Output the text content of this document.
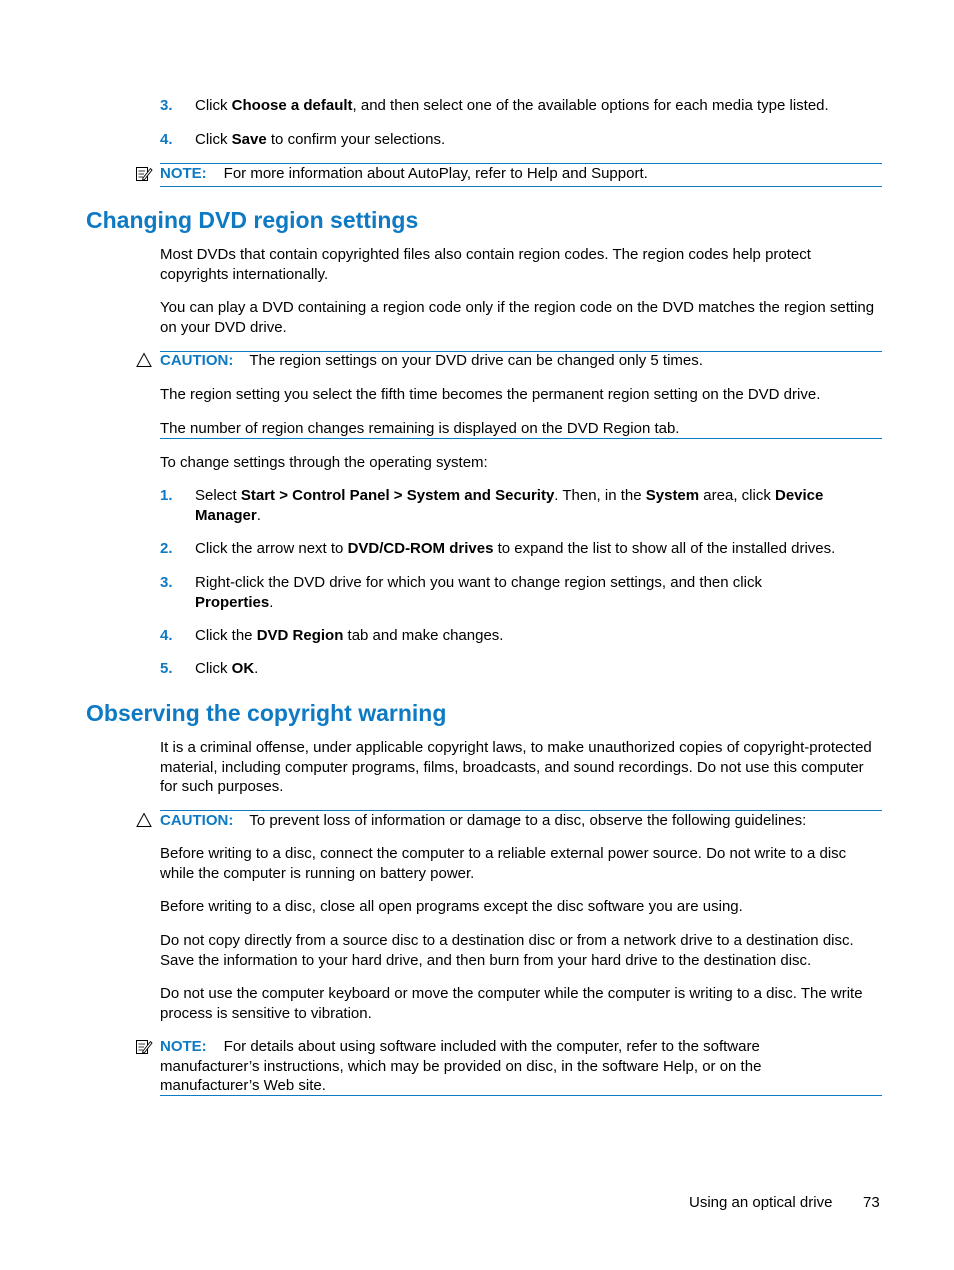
3. Click Choose a default, and then select one of the available options for each media type listed.
4. Click Save to confirm your selections.
NOTE: For more information about AutoPlay, refer to Help and Support.
Changing DVD region settings

Most DVDs that contain copyrighted files also contain region codes. The region codes help protect copyrights internationally.

You can play a DVD containing a region code only if the region code on the DVD matches the region setting on your DVD drive.

CAUTION: The region settings on your DVD drive can be changed only 5 times.

The region setting you select the fifth time becomes the permanent region setting on the DVD drive.

The number of region changes remaining is displayed on the DVD Region tab.

To change settings through the operating system:

1. Select Start > Control Panel > System and Security. Then, in the System area, click Device Manager.
2. Click the arrow next to DVD/CD-ROM drives to expand the list to show all of the installed drives.
3. Right-click the DVD drive for which you want to change region settings, and then click Properties.
4. Click the DVD Region tab and make changes.
5. Click OK.
Observing the copyright warning

It is a criminal offense, under applicable copyright laws, to make unauthorized copies of copyright-protected material, including computer programs, films, broadcasts, and sound recordings. Do not use this computer for such purposes.

CAUTION: To prevent loss of information or damage to a disc, observe the following guidelines:

Before writing to a disc, connect the computer to a reliable external power source. Do not write to a disc while the computer is running on battery power.

Before writing to a disc, close all open programs except the disc software you are using.

Do not copy directly from a source disc to a destination disc or from a network drive to a destination disc. Save the information to your hard drive, and then burn from your hard drive to the destination disc.

Do not use the computer keyboard or move the computer while the computer is writing to a disc. The write process is sensitive to vibration.

NOTE: For details about using software included with the computer, refer to the software manufacturer’s instructions, which may be provided on disc, in the software Help, or on the manufacturer’s Web site.
Using an optical drive 73
